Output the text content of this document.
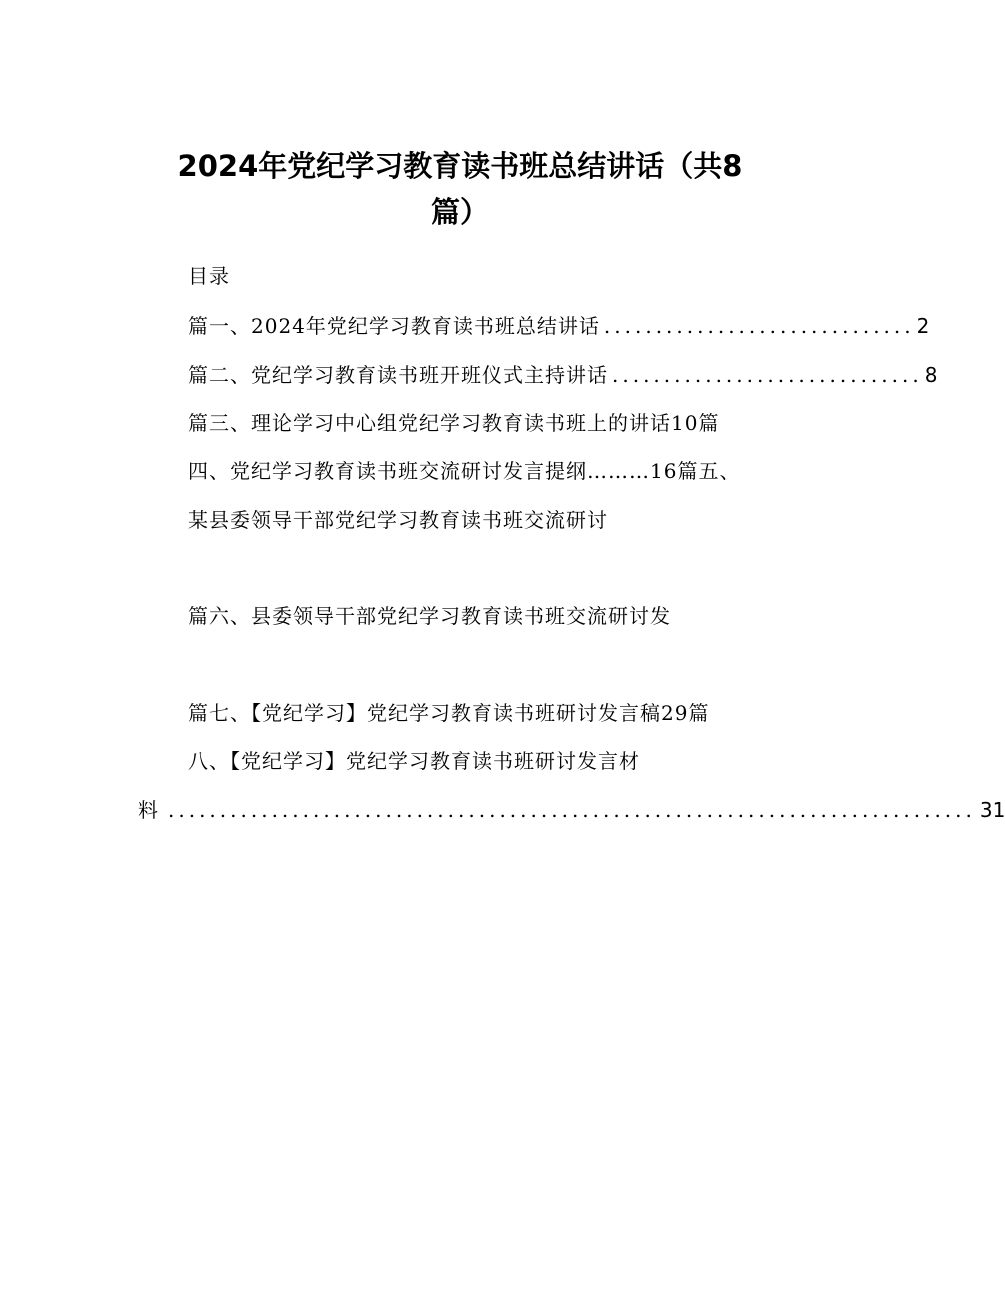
2024年党纪学习教育读书班总结讲话（共8
篇）
目录
篇一、2024年党纪学习教育读书班总结讲话 .............................. 2
篇二、党纪学习教育读书班开班仪式主持讲话 .............................. 8
篇三、理论学习中心组党纪学习教育读书班上的讲话10篇
四、党纪学习教育读书班交流研讨发言提纲………16篇五、
某县委领导干部党纪学习教育读书班交流研讨
篇六、县委领导干部党纪学习教育读书班交流研讨发
篇七、【党纪学习】党纪学习教育读书班研讨发言稿29篇
八、【党纪学习】党纪学习教育读书班研讨发言材
料 .............................................................................. 31
